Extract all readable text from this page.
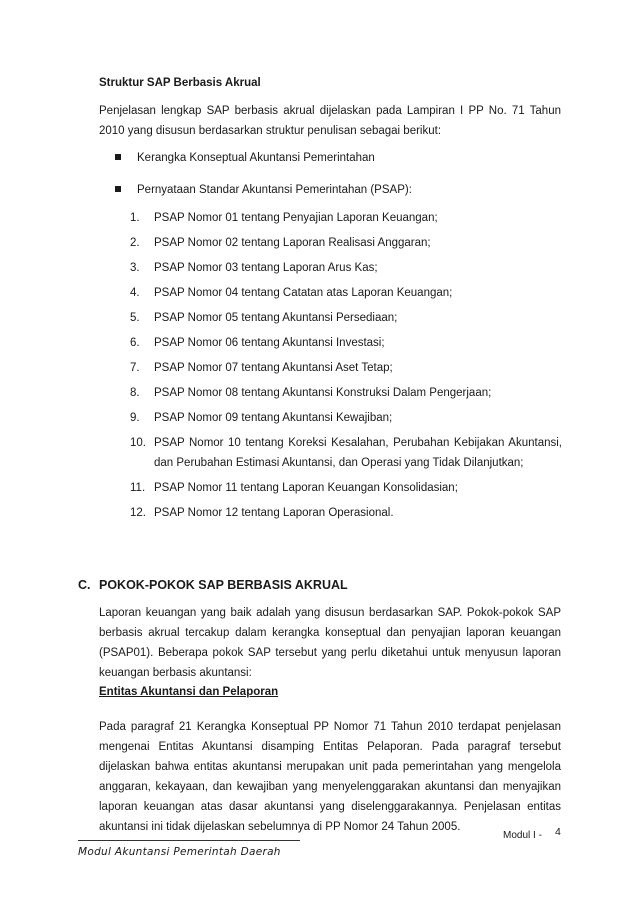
Struktur SAP Berbasis Akrual
Penjelasan lengkap SAP berbasis akrual dijelaskan pada Lampiran I PP No. 71 Tahun 2010 yang disusun berdasarkan struktur penulisan sebagai berikut:
Kerangka Konseptual Akuntansi Pemerintahan
Pernyataan Standar Akuntansi Pemerintahan (PSAP):
1. PSAP Nomor 01 tentang Penyajian Laporan Keuangan;
2. PSAP Nomor 02 tentang Laporan Realisasi Anggaran;
3. PSAP Nomor 03 tentang Laporan Arus Kas;
4. PSAP Nomor 04 tentang Catatan atas Laporan Keuangan;
5. PSAP Nomor 05 tentang Akuntansi Persediaan;
6. PSAP Nomor 06 tentang Akuntansi Investasi;
7. PSAP Nomor 07 tentang Akuntansi Aset Tetap;
8. PSAP Nomor 08 tentang Akuntansi Konstruksi Dalam Pengerjaan;
9. PSAP Nomor 09 tentang Akuntansi Kewajiban;
10. PSAP Nomor 10 tentang Koreksi Kesalahan, Perubahan Kebijakan Akuntansi, dan Perubahan Estimasi Akuntansi, dan Operasi yang Tidak Dilanjutkan;
11. PSAP Nomor 11 tentang Laporan Keuangan Konsolidasian;
12. PSAP Nomor 12 tentang Laporan Operasional.
C. POKOK-POKOK SAP BERBASIS AKRUAL
Laporan keuangan yang baik adalah yang disusun berdasarkan SAP. Pokok-pokok SAP berbasis akrual tercakup dalam kerangka konseptual dan penyajian laporan keuangan (PSAP01). Beberapa pokok SAP tersebut yang perlu diketahui untuk menyusun laporan keuangan berbasis akuntansi:
Entitas Akuntansi dan Pelaporan
Pada paragraf 21 Kerangka Konseptual PP Nomor 71 Tahun 2010 terdapat penjelasan mengenai Entitas Akuntansi disamping Entitas Pelaporan. Pada paragraf tersebut dijelaskan bahwa entitas akuntansi merupakan unit pada pemerintahan yang mengelola anggaran, kekayaan, dan kewajiban yang menyelenggarakan akuntansi dan menyajikan laporan keuangan atas dasar akuntansi yang diselenggarakannya. Penjelasan entitas akuntansi ini tidak dijelaskan sebelumnya di PP Nomor 24 Tahun 2005.
Modul Akuntansi Pemerintah Daerah
Modul I - 4
